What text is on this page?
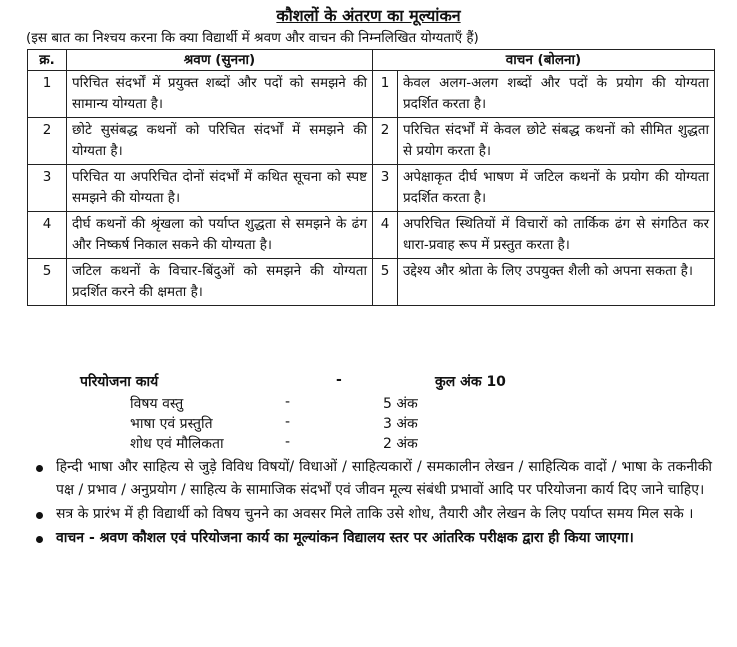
कौशलों के अंतरण का मूल्यांकन
(इस बात का निश्चय करना कि क्या विद्यार्थी में श्रवण और वाचन की निम्नलिखित योग्यताएँ हैं)
क्र.	श्रवण (सुनना)	वाचन (बोलना)	
1	परिचित संदर्भों में प्रयुक्त शब्दों और पदों को समझने की सामान्य योग्यता है।	1	केवल अलग-अलग शब्दों और पदों के प्रयोग की योग्यता प्रदर्शित करता है।
2	छोटे सुसंबद्ध कथनों को परिचित संदर्भों में समझने की योग्यता है।	2	परिचित संदर्भों में केवल छोटे संबद्ध कथनों को सीमित शुद्धता से प्रयोग करता है।
3	परिचित या अपरिचित दोनों संदर्भों में कथित सूचना को स्पष्ट समझने की योग्यता है।	3	अपेक्षाकृत दीर्घ भाषण में जटिल कथनों के प्रयोग की योग्यता प्रदर्शित करता है।
4	दीर्घ कथनों की श्रृंखला को पर्याप्त शुद्धता से समझने के ढंग और निष्कर्ष निकाल सकने की योग्यता है।	4	अपरिचित स्थितियों में विचारों को तार्किक ढंग से संगठित कर धारा-प्रवाह रूप में प्रस्तुत करता है।
5	जटिल कथनों के विचार-बिंदुओं को समझने की योग्यता प्रदर्शित करने की क्षमता है।	5	उद्देश्य और श्रोता के लिए उपयुक्त शैली को अपना सकता है।
परियोजना कार्य	-	कुल अंक 10
विषय वस्तु	-	5 अंक
भाषा एवं प्रस्तुति	-	3 अंक
शोध एवं मौलिकता	-	2 अंक
हिन्दी भाषा और साहित्य से जुड़े विविध विषयों/ विधाओं / साहित्यकारों / समकालीन लेखन / साहित्यिक वादों / भाषा के तकनीकी पक्ष / प्रभाव / अनुप्रयोग / साहित्य के सामाजिक संदर्भों एवं जीवन मूल्य संबंधी प्रभावों आदि पर परियोजना कार्य दिए जाने चाहिए।
सत्र के प्रारंभ में ही विद्यार्थी को विषय चुनने का अवसर मिले ताकि उसे शोध, तैयारी और लेखन के लिए पर्याप्त समय मिल सके ।
वाचन - श्रवण कौशल एवं परियोजना कार्य का मूल्यांकन विद्यालय स्तर पर आंतरिक परीक्षक द्वारा ही किया जाएगा।
